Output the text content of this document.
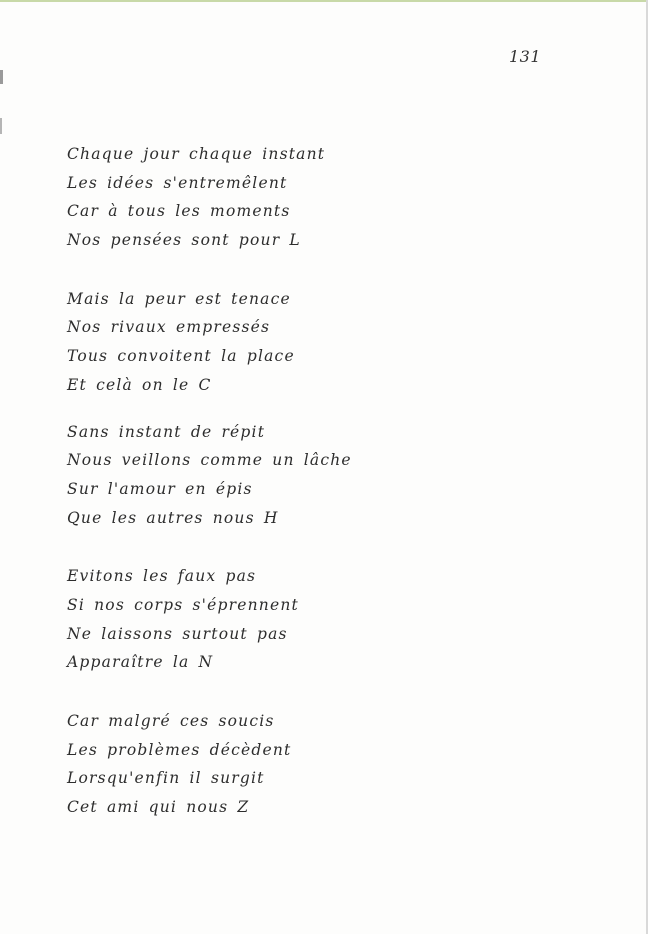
131
Chaque jour chaque instant
Les idées s'entremêlent
Car à tous les moments
Nos pensées sont pour L
Mais la peur est tenace
Nos rivaux empressés
Tous convoitent la place
Et celà on le C
Sans instant de répit
Nous veillons comme un lâche
Sur l'amour en épis
Que les autres nous H
Evitons les faux pas
Si nos corps s'éprennent
Ne laissons surtout pas
Apparaître la N
Car malgré ces soucis
Les problèmes décèdent
Lorsqu'enfin il surgit
Cet ami qui nous Z
